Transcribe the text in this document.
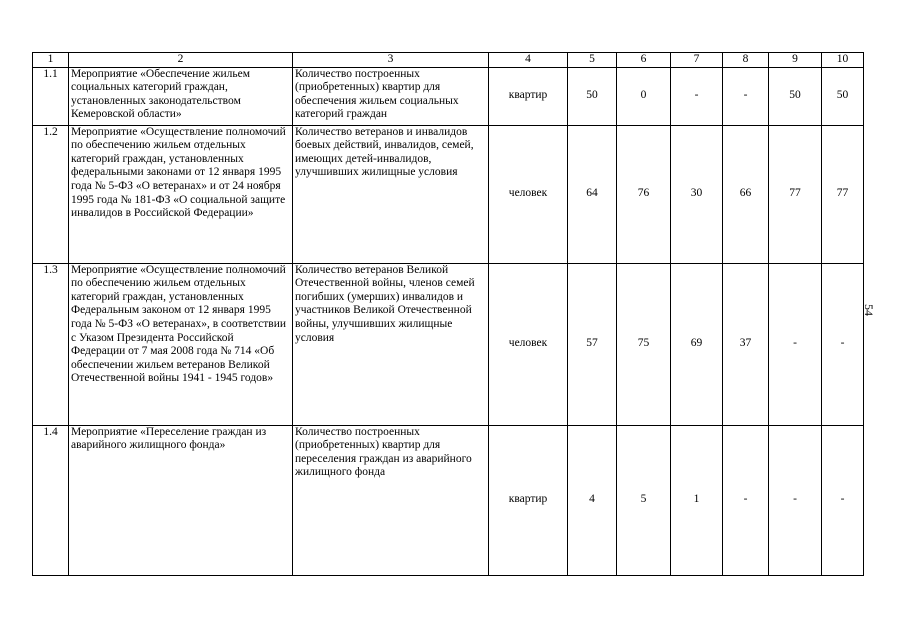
1	2	3	4	5	6	7	8	9	10
1.1	Мероприятие «Обеспечение жильем социальных категорий граждан, установленных законодательством Кемеровской области»	Количество построенных (приобретенных) квартир для обеспечения жильем социальных категорий граждан	квартир	50	0	-	-	50	50
1.2	Мероприятие «Осуществление полномочий по обеспечению жильем отдельных категорий граждан, установленных федеральными законами от 12 января 1995 года № 5-ФЗ «О ветеранах» и от 24 ноября 1995 года № 181-ФЗ «О социальной защите инвалидов в Российской Федерации»	Количество ветеранов и инвалидов боевых действий, инвалидов, семей, имеющих детей-инвалидов, улучшивших жилищные условия	человек	64	76	30	66	77	77
1.3	Мероприятие «Осуществление полномочий по обеспечению жильем отдельных категорий граждан, установленных Федеральным законом от 12 января 1995 года № 5-ФЗ «О ветеранах», в соответствии с Указом Президента Российской Федерации от 7 мая 2008 года № 714 «Об обеспечении жильем ветеранов Великой Отечественной войны 1941 - 1945 годов»	Количество ветеранов Великой Отечественной войны, членов семей погибших (умерших) инвалидов и участников Великой Отечественной войны, улучшивших жилищные условия	человек	57	75	69	37	-	-
1.4	Мероприятие «Переселение граждан из аварийного жилищного фонда»	Количество построенных (приобретенных) квартир для переселения граждан из аварийного жилищного фонда	квартир	4	5	1	-	-	-
54
